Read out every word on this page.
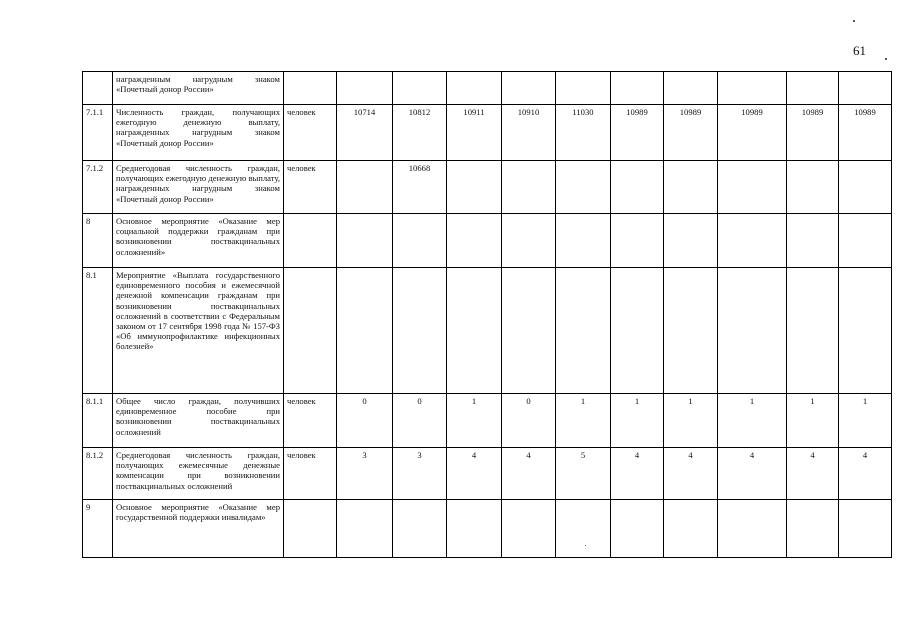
61
	награжденным нагрудным знаком «Почетный донор России»											
7.1.1	Численность граждан, получающих ежегодную денежную выплату, награжденных нагрудным знаком «Почетный донор России»	человек	10714	10812	10911	10910	11030	10989	10989	10989	10989	10989
7.1.2	Среднегодовая численность граждан, получающих ежегодную денежную выплату, награжденных нагрудным знаком «Почетный донор России»	человек		10668								
8	Основное мероприятие «Оказание мер социальной поддержки гражданам при возникновении поствакцинальных осложнений»											
8.1	Мероприятие «Выплата государственного единовременного пособия и ежемесячной денежной компенсации гражданам при возникновении поствакцинальных осложнений в соответствии с Федеральным законом от 17 сентября 1998 года № 157-ФЗ «Об иммунопрофилактике инфекционных болезней»											
8.1.1	Общее число граждан, получивших единовременное пособие при возникновении поствакцинальных осложнений	человек	0	0	1	0	1	1	1	1	1	1
8.1.2	Среднегодовая численность граждан, получающих ежемесячные денежные компенсации при возникновении поствакцинальных осложнений	человек	3	3	4	4	5	4	4	4	4	4
9	Основное мероприятие «Оказание мер государственной поддержки инвалидам»											
